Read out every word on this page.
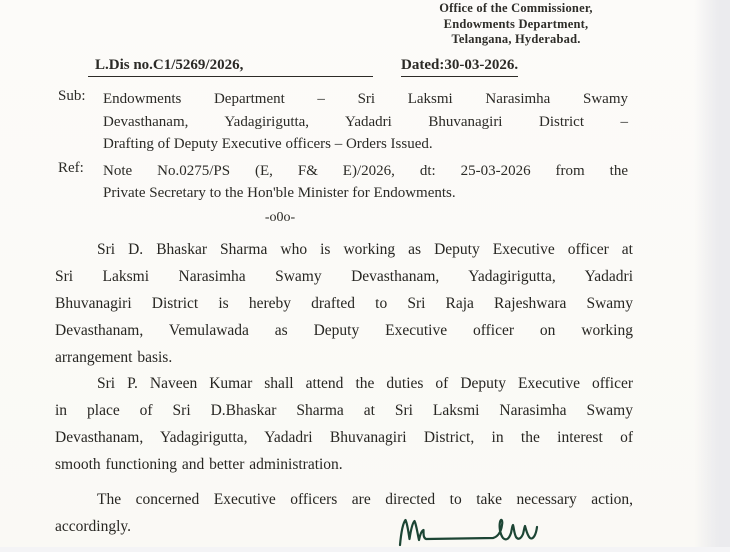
Office of the Commissioner,
Endowments Department,
Telangana, Hyderabad.
L.Dis no.C1/5269/2026,	Dated:30-03-2026.
Sub:	Endowments Department – Sri Laksmi Narasimha Swamy
Devasthanam, Yadagirigutta, Yadadri Bhuvanagiri District –
Drafting of Deputy Executive officers – Orders Issued.
Ref:	Note No.0275/PS (E, F& E)/2026, dt: 25-03-2026 from the
Private Secretary to the Hon'ble Minister for Endowments.
-o0o-
Sri D. Bhaskar Sharma who is working as Deputy Executive officer at
Sri Laksmi Narasimha Swamy Devasthanam, Yadagirigutta, Yadadri
Bhuvanagiri District is hereby drafted to Sri Raja Rajeshwara Swamy
Devasthanam, Vemulawada as Deputy Executive officer on working
arrangement basis.
Sri P. Naveen Kumar shall attend the duties of Deputy Executive officer
in place of Sri D.Bhaskar Sharma at Sri Laksmi Narasimha Swamy
Devasthanam, Yadagirigutta, Yadadri Bhuvanagiri District, in the interest of
smooth functioning and better administration.
The concerned Executive officers are directed to take necessary action,
accordingly.
